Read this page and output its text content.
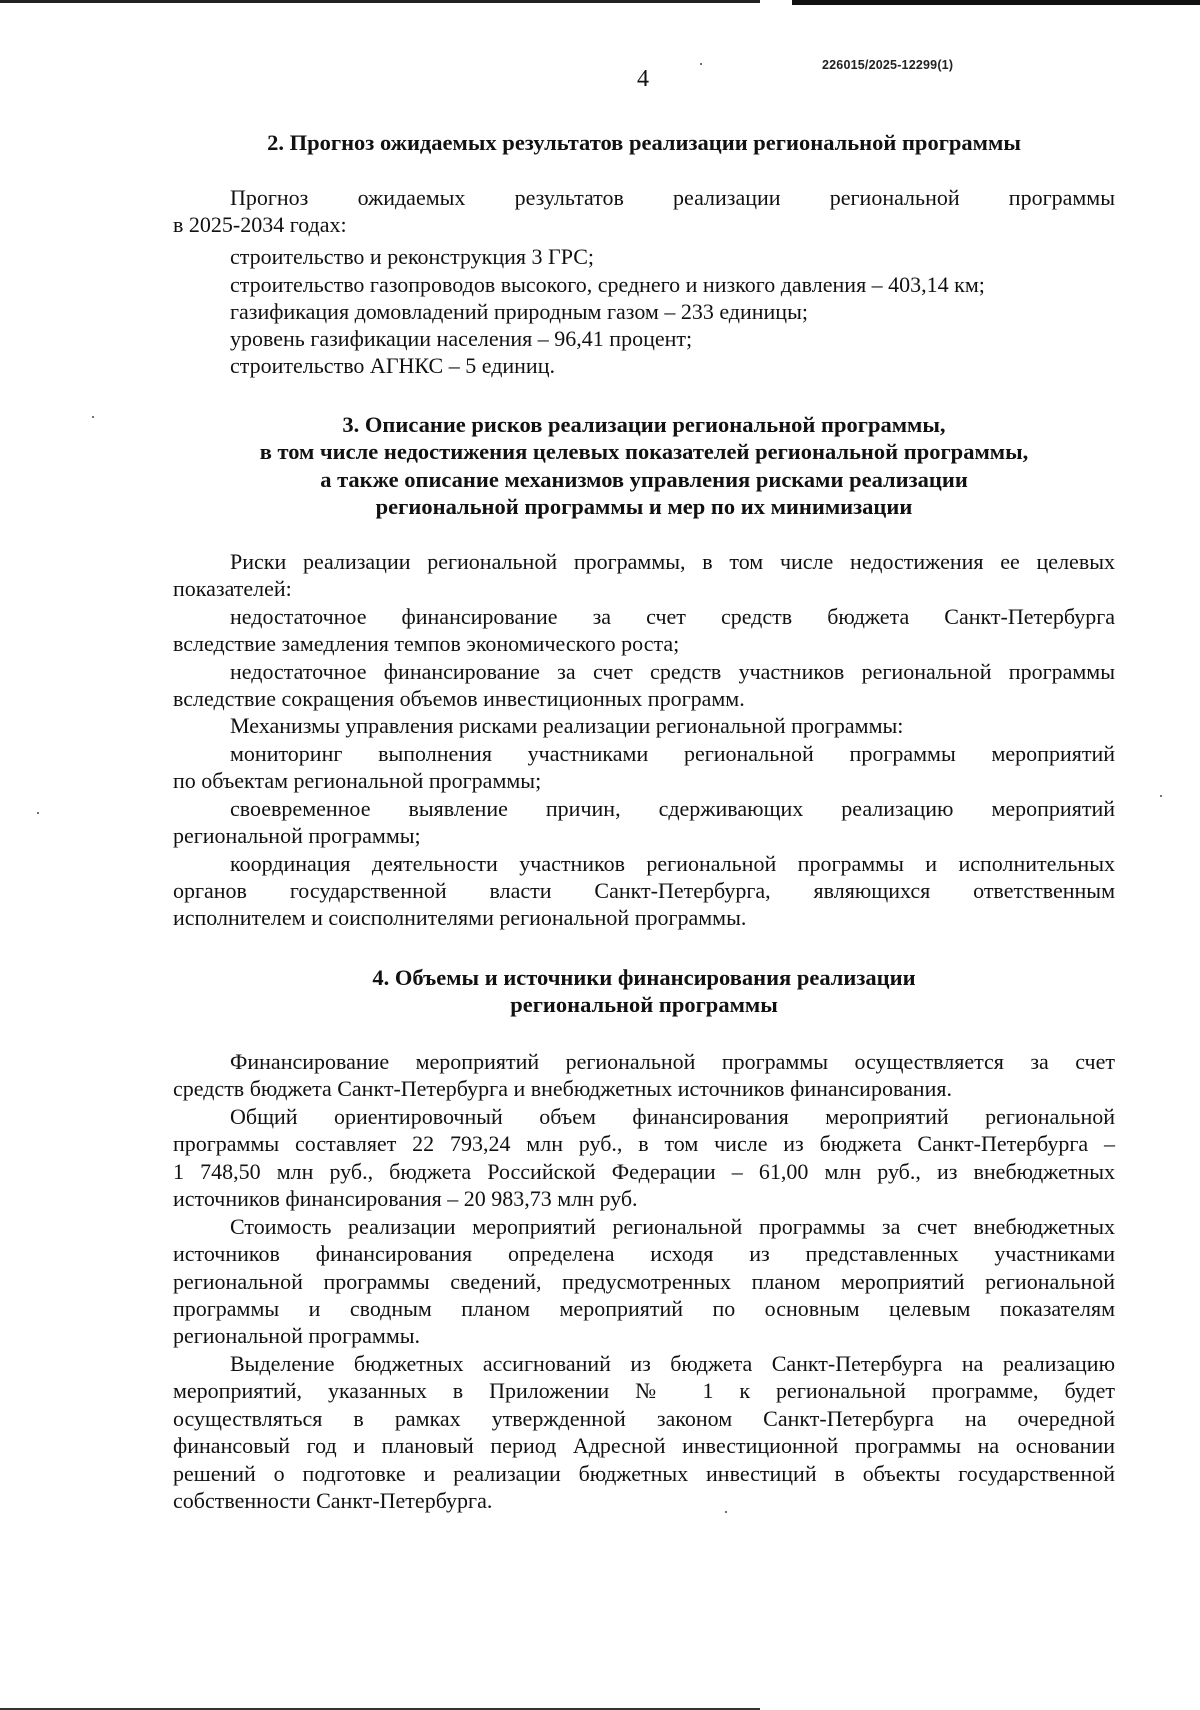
226015/2025-12299(1)
4
2. Прогноз ожидаемых результатов реализации региональной программы
Прогноз ожидаемых результатов реализации региональной программы
в 2025-2034 годах:
строительство и реконструкция 3 ГРС;
строительство газопроводов высокого, среднего и низкого давления – 403,14 км;
газификация домовладений природным газом – 233 единицы;
уровень газификации населения – 96,41 процент;
строительство АГНКС – 5 единиц.
3. Описание рисков реализации региональной программы,
в том числе недостижения целевых показателей региональной программы,
а также описание механизмов управления рисками реализации
региональной программы и мер по их минимизации
Риски реализации региональной программы, в том числе недостижения ее целевых
показателей:
недостаточное финансирование за счет средств бюджета Санкт-Петербурга
вследствие замедления темпов экономического роста;
недостаточное финансирование за счет средств участников региональной программы
вследствие сокращения объемов инвестиционных программ.
Механизмы управления рисками реализации региональной программы:
мониторинг выполнения участниками региональной программы мероприятий
по объектам региональной программы;
своевременное выявление причин, сдерживающих реализацию мероприятий
региональной программы;
координация деятельности участников региональной программы и исполнительных
органов государственной власти Санкт-Петербурга, являющихся ответственным
исполнителем и соисполнителями региональной программы.
4. Объемы и источники финансирования реализации
региональной программы
Финансирование мероприятий региональной программы осуществляется за счет
средств бюджета Санкт-Петербурга и внебюджетных источников финансирования.
Общий ориентировочный объем финансирования мероприятий региональной
программы составляет 22 793,24 млн руб., в том числе из бюджета Санкт-Петербурга –
1 748,50 млн руб., бюджета Российской Федерации – 61,00 млн руб., из внебюджетных
источников финансирования – 20 983,73 млн руб.
Стоимость реализации мероприятий региональной программы за счет внебюджетных
источников финансирования определена исходя из представленных участниками
региональной программы сведений, предусмотренных планом мероприятий региональной
программы и сводным планом мероприятий по основным целевым показателям
региональной программы.
Выделение бюджетных ассигнований из бюджета Санкт-Петербурга на реализацию
мероприятий, указанных в Приложении № 1 к региональной программе, будет
осуществляться в рамках утвержденной законом Санкт-Петербурга на очередной
финансовый год и плановый период Адресной инвестиционной программы на основании
решений о подготовке и реализации бюджетных инвестиций в объекты государственной
собственности Санкт-Петербурга.
